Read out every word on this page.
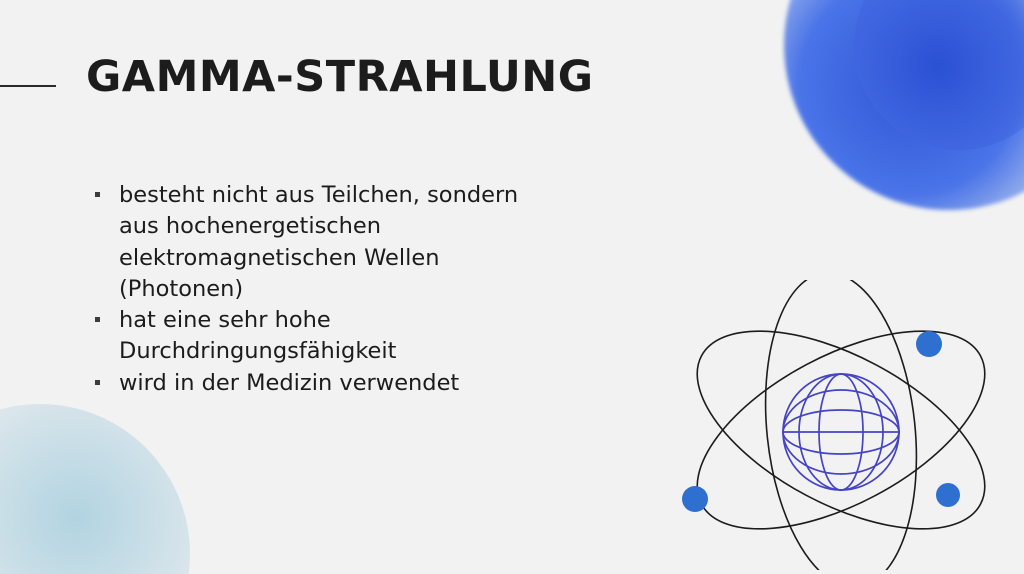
GAMMA-STRAHLUNG
besteht nicht aus Teilchen, sondern aus hochenergetischen elektromagnetischen Wellen (Photonen)
hat eine sehr hohe Durchdringungsfähigkeit
wird in der Medizin verwendet
